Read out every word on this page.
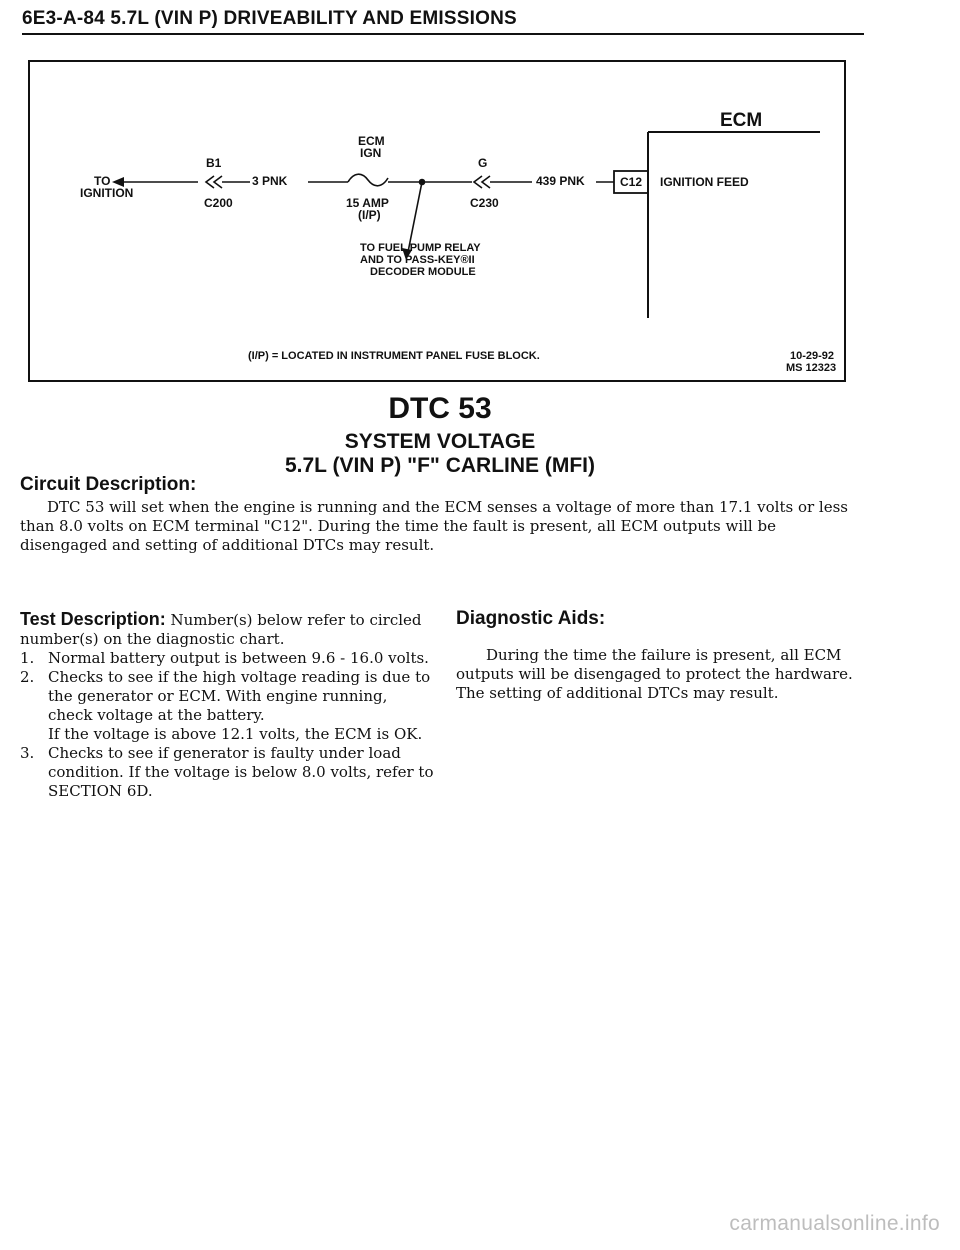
6E3-A-84 5.7L (VIN P) DRIVEABILITY AND EMISSIONS
ECM
ECM
IGN
B1	G
TO
IGNITION
3 PNK	439 PNK	C12 IGNITION FEED
C200	15 AMP
(I/P)
C230
TO FUEL PUMP RELAY
AND TO PASS-KEY®II
DECODER MODULE
(I/P) = LOCATED IN INSTRUMENT PANEL FUSE BLOCK.	10-29-92
MS 12323
DTC 53
SYSTEM VOLTAGE
5.7L (VIN P) "F" CARLINE (MFI)
Circuit Description:
DTC 53 will set when the engine is running and the ECM senses a voltage of more than 17.1 volts or less than 8.0 volts on ECM terminal "C12". During the time the fault is present, all ECM outputs will be disengaged and setting of additional DTCs may result.
Test Description: Number(s) below refer to circled number(s) on the diagnostic chart.
1. Normal battery output is between 9.6 - 16.0 volts.
2. Checks to see if the high voltage reading is due to the generator or ECM. With engine running, check voltage at the battery.
If the voltage is above 12.1 volts, the ECM is OK.
3. Checks to see if generator is faulty under load condition. If the voltage is below 8.0 volts, refer to SECTION 6D.
Diagnostic Aids:
During the time the failure is present, all ECM outputs will be disengaged to protect the hardware. The setting of additional DTCs may result.
carmanualsonline.info
